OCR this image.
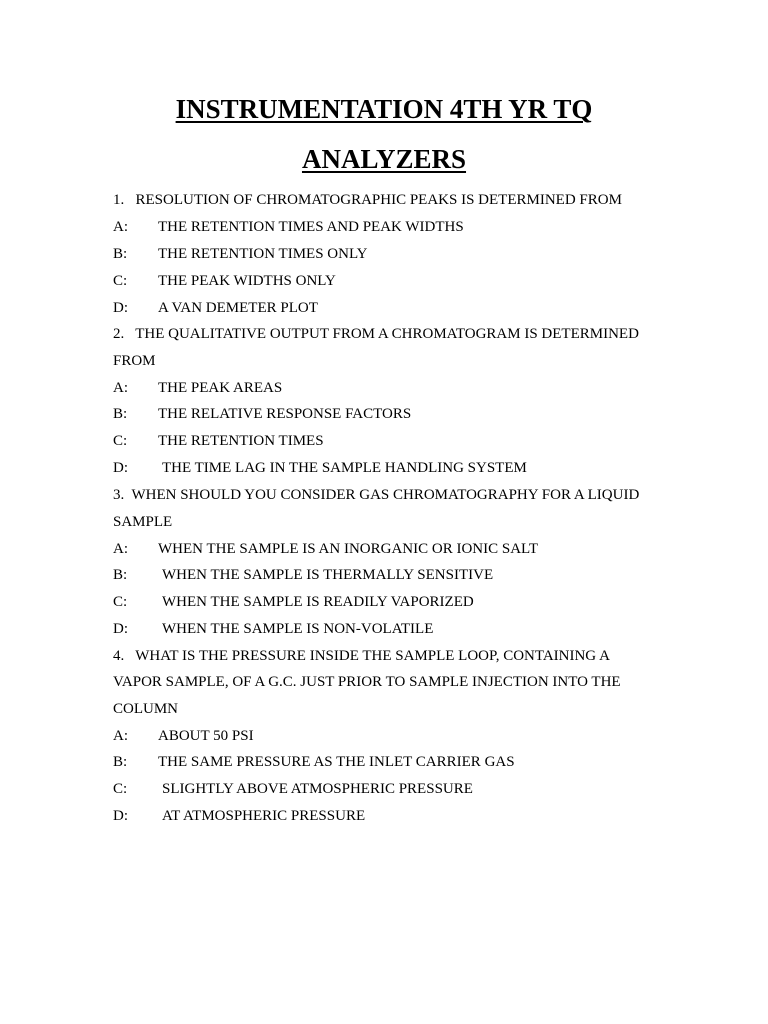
INSTRUMENTATION 4TH YR TQ
ANALYZERS
1. RESOLUTION OF CHROMATOGRAPHIC PEAKS IS DETERMINED FROM
A: THE RETENTION TIMES AND PEAK WIDTHS
B: THE RETENTION TIMES ONLY
C: THE PEAK WIDTHS ONLY
D: A VAN DEMETER PLOT
2. THE QUALITATIVE OUTPUT FROM A CHROMATOGRAM IS DETERMINED
FROM
A: THE PEAK AREAS
B: THE RELATIVE RESPONSE FACTORS
C: THE RETENTION TIMES
D: THE TIME LAG IN THE SAMPLE HANDLING SYSTEM
3. WHEN SHOULD YOU CONSIDER GAS CHROMATOGRAPHY FOR A LIQUID
SAMPLE
A: WHEN THE SAMPLE IS AN INORGANIC OR IONIC SALT
B: WHEN THE SAMPLE IS THERMALLY SENSITIVE
C: WHEN THE SAMPLE IS READILY VAPORIZED
D: WHEN THE SAMPLE IS NON-VOLATILE
4. WHAT IS THE PRESSURE INSIDE THE SAMPLE LOOP, CONTAINING A
VAPOR SAMPLE, OF A G.C. JUST PRIOR TO SAMPLE INJECTION INTO THE
COLUMN
A: ABOUT 50 PSI
B: THE SAME PRESSURE AS THE INLET CARRIER GAS
C: SLIGHTLY ABOVE ATMOSPHERIC PRESSURE
D: AT ATMOSPHERIC PRESSURE
